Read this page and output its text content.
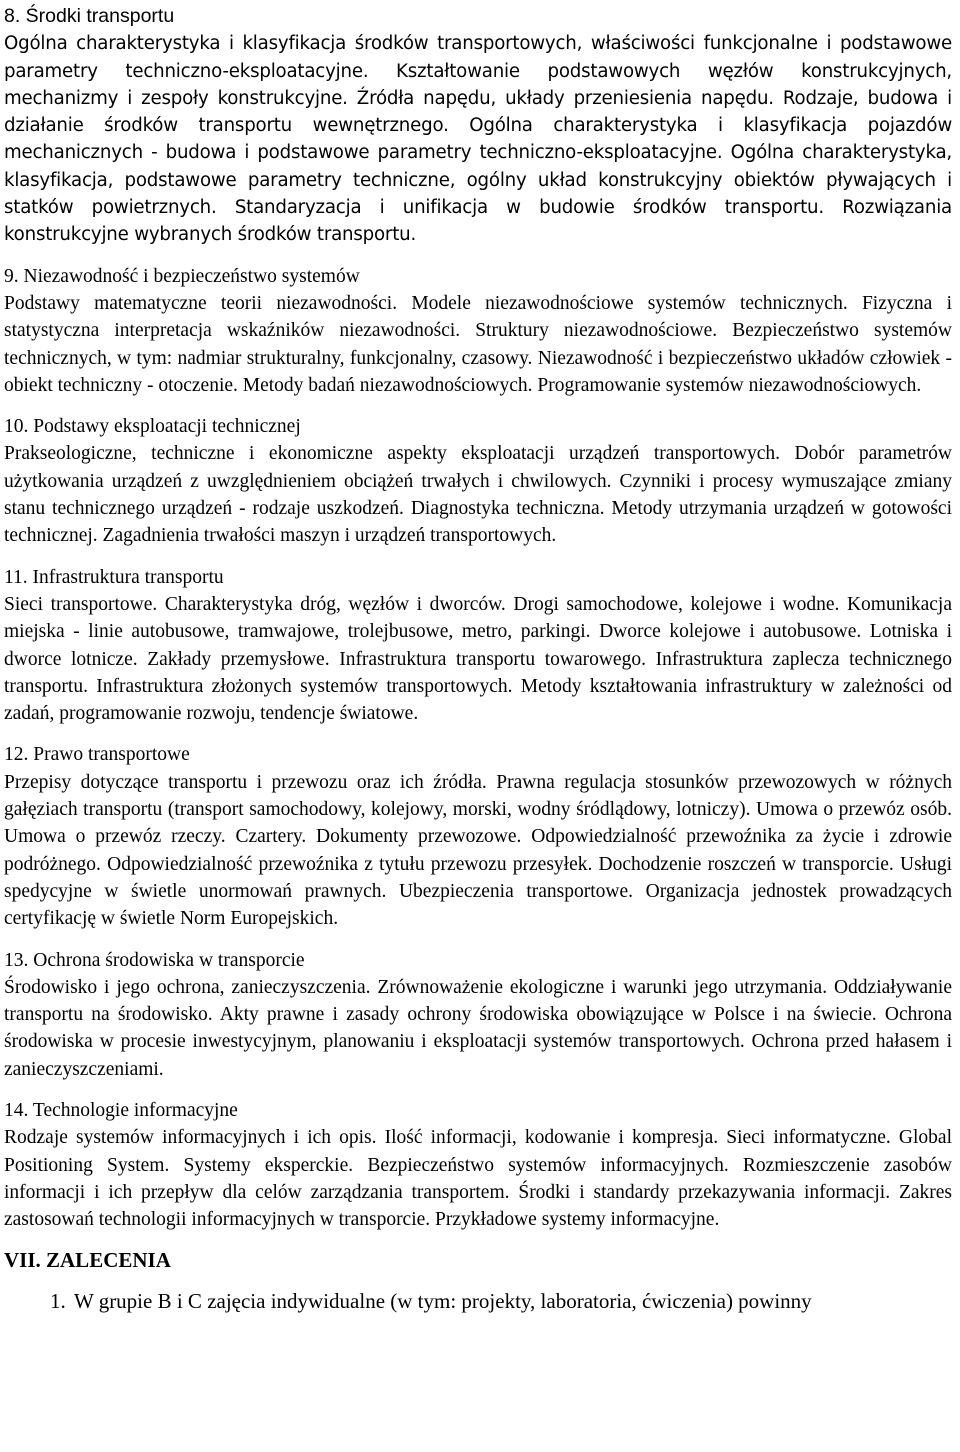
8. Środki transportu
Ogólna charakterystyka i klasyfikacja środków transportowych, właściwości funkcjonalne i podstawowe parametry techniczno-eksploatacyjne. Kształtowanie podstawowych węzłów konstrukcyjnych, mechanizmy i zespoły konstrukcyjne. Źródła napędu, układy przeniesienia napędu. Rodzaje, budowa i działanie środków transportu wewnętrznego. Ogólna charakterystyka i klasyfikacja pojazdów mechanicznych - budowa i podstawowe parametry techniczno-eksploatacyjne. Ogólna charakterystyka, klasyfikacja, podstawowe parametry techniczne, ogólny układ konstrukcyjny obiektów pływających i statków powietrznych. Standaryzacja i unifikacja w budowie środków transportu. Rozwiązania konstrukcyjne wybranych środków transportu.
9. Niezawodność i bezpieczeństwo systemów
Podstawy matematyczne teorii niezawodności. Modele niezawodnościowe systemów technicznych. Fizyczna i statystyczna interpretacja wskaźników niezawodności. Struktury niezawodnościowe. Bezpieczeństwo systemów technicznych, w tym: nadmiar strukturalny, funkcjonalny, czasowy. Niezawodność i bezpieczeństwo układów człowiek - obiekt techniczny - otoczenie. Metody badań niezawodnościowych. Programowanie systemów niezawodnościowych.
10. Podstawy eksploatacji technicznej
Prakseologiczne, techniczne i ekonomiczne aspekty eksploatacji urządzeń transportowych. Dobór parametrów użytkowania urządzeń z uwzględnieniem obciążeń trwałych i chwilowych. Czynniki i procesy wymuszające zmiany stanu technicznego urządzeń - rodzaje uszkodzeń. Diagnostyka techniczna. Metody utrzymania urządzeń w gotowości technicznej. Zagadnienia trwałości maszyn i urządzeń transportowych.
11. Infrastruktura transportu
Sieci transportowe. Charakterystyka dróg, węzłów i dworców. Drogi samochodowe, kolejowe i wodne. Komunikacja miejska - linie autobusowe, tramwajowe, trolejbusowe, metro, parkingi. Dworce kolejowe i autobusowe. Lotniska i dworce lotnicze. Zakłady przemysłowe. Infrastruktura transportu towarowego. Infrastruktura zaplecza technicznego transportu. Infrastruktura złożonych systemów transportowych. Metody kształtowania infrastruktury w zależności od zadań, programowanie rozwoju, tendencje światowe.
12. Prawo transportowe
Przepisy dotyczące transportu i przewozu oraz ich źródła. Prawna regulacja stosunków przewozowych w różnych gałęziach transportu (transport samochodowy, kolejowy, morski, wodny śródlądowy, lotniczy). Umowa o przewóz osób. Umowa o przewóz rzeczy. Czartery. Dokumenty przewozowe. Odpowiedzialność przewoźnika za życie i zdrowie podróżnego. Odpowiedzialność przewoźnika z tytułu przewozu przesyłek. Dochodzenie roszczeń w transporcie. Usługi spedycyjne w świetle unormowań prawnych. Ubezpieczenia transportowe. Organizacja jednostek prowadzących certyfikację w świetle Norm Europejskich.
13. Ochrona środowiska w transporcie
Środowisko i jego ochrona, zanieczyszczenia. Zrównoważenie ekologiczne i warunki jego utrzymania. Oddziaływanie transportu na środowisko. Akty prawne i zasady ochrony środowiska obowiązujące w Polsce i na świecie. Ochrona środowiska w procesie inwestycyjnym, planowaniu i eksploatacji systemów transportowych. Ochrona przed hałasem i zanieczyszczeniami.
14. Technologie informacyjne
Rodzaje systemów informacyjnych i ich opis. Ilość informacji, kodowanie i kompresja. Sieci informatyczne. Global Positioning System. Systemy eksperckie. Bezpieczeństwo systemów informacyjnych. Rozmieszczenie zasobów informacji i ich przepływ dla celów zarządzania transportem. Środki i standardy przekazywania informacji. Zakres zastosowań technologii informacyjnych w transporcie. Przykładowe systemy informacyjne.
VII. ZALECENIA
1. W grupie B i C zajęcia indywidualne (w tym: projekty, laboratoria, ćwiczenia) powinny
